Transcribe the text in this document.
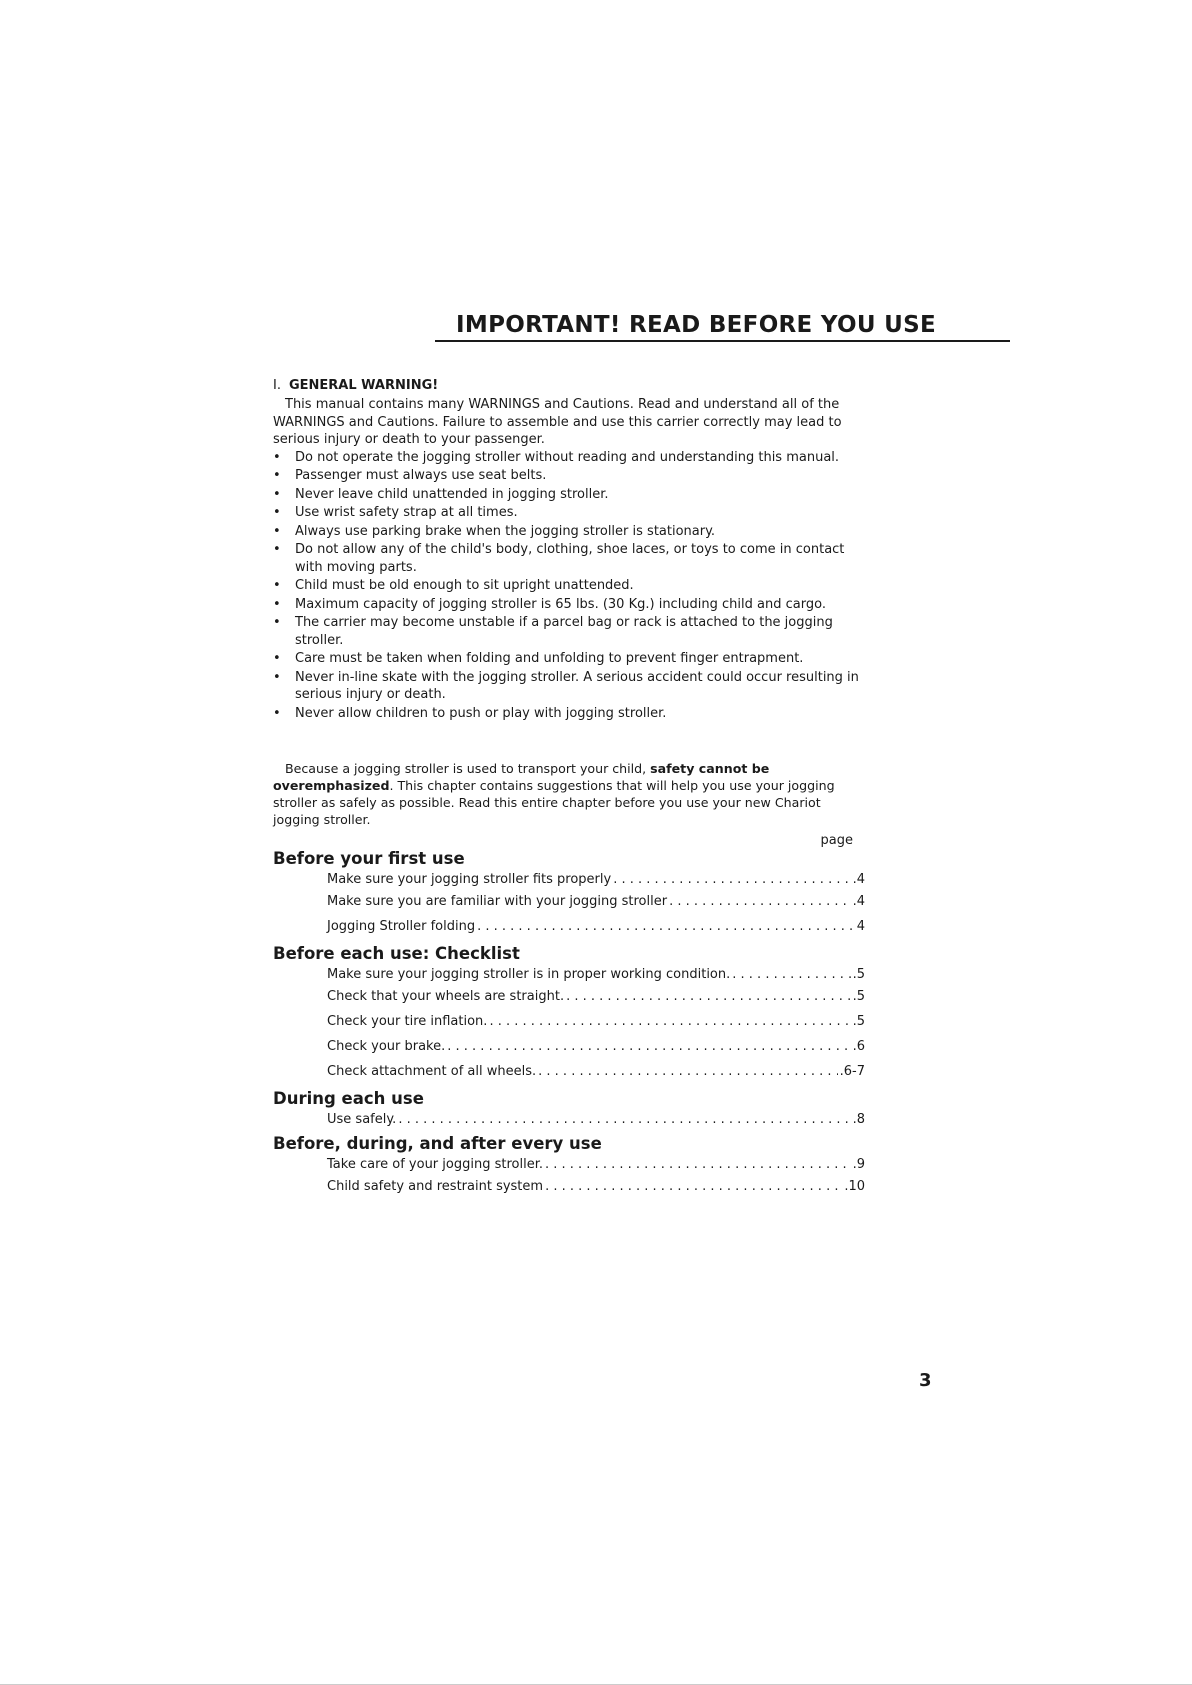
IMPORTANT! READ BEFORE YOU USE
I. GENERAL WARNING!

This manual contains many WARNINGS and Cautions. Read and understand all of the WARNINGS and Cautions. Failure to assemble and use this carrier correctly may lead to serious injury or death to your passenger.

• Do not operate the jogging stroller without reading and understanding this manual.
• Passenger must always use seat belts.
• Never leave child unattended in jogging stroller.
• Use wrist safety strap at all times.
• Always use parking brake when the jogging stroller is stationary.
• Do not allow any of the child's body, clothing, shoe laces, or toys to come in contact with moving parts.
• Child must be old enough to sit upright unattended.
• Maximum capacity of jogging stroller is 65 lbs. (30 Kg.) including child and cargo.
• The carrier may become unstable if a parcel bag or rack is attached to the jogging stroller.
• Care must be taken when folding and unfolding to prevent finger entrapment.
• Never in-line skate with the jogging stroller. A serious accident could occur resulting in serious injury or death.
• Never allow children to push or play with jogging stroller.
Because a jogging stroller is used to transport your child, safety cannot be overemphasized. This chapter contains suggestions that will help you use your jogging stroller as safely as possible. Read this entire chapter before you use your new Chariot jogging stroller.
page
Before your first use
Make sure your jogging stroller fits properly . . .	.4
Make sure you are familiar with your jogging stroller . . .	.4
Jogging Stroller folding . . .	4
Before each use: Checklist
Make sure your jogging stroller is in proper working condition. . . .	.5
Check that your wheels are straight. . . .	.5
Check your tire inflation. . . .	.5
Check your brake. . . .	.6
Check attachment of all wheels. . . .	.6-7
During each use
Use safely. . . .	.8
Before, during, and after every use
Take care of your jogging stroller. . . .	.9
Child safety and restraint system . . .	.10
3
